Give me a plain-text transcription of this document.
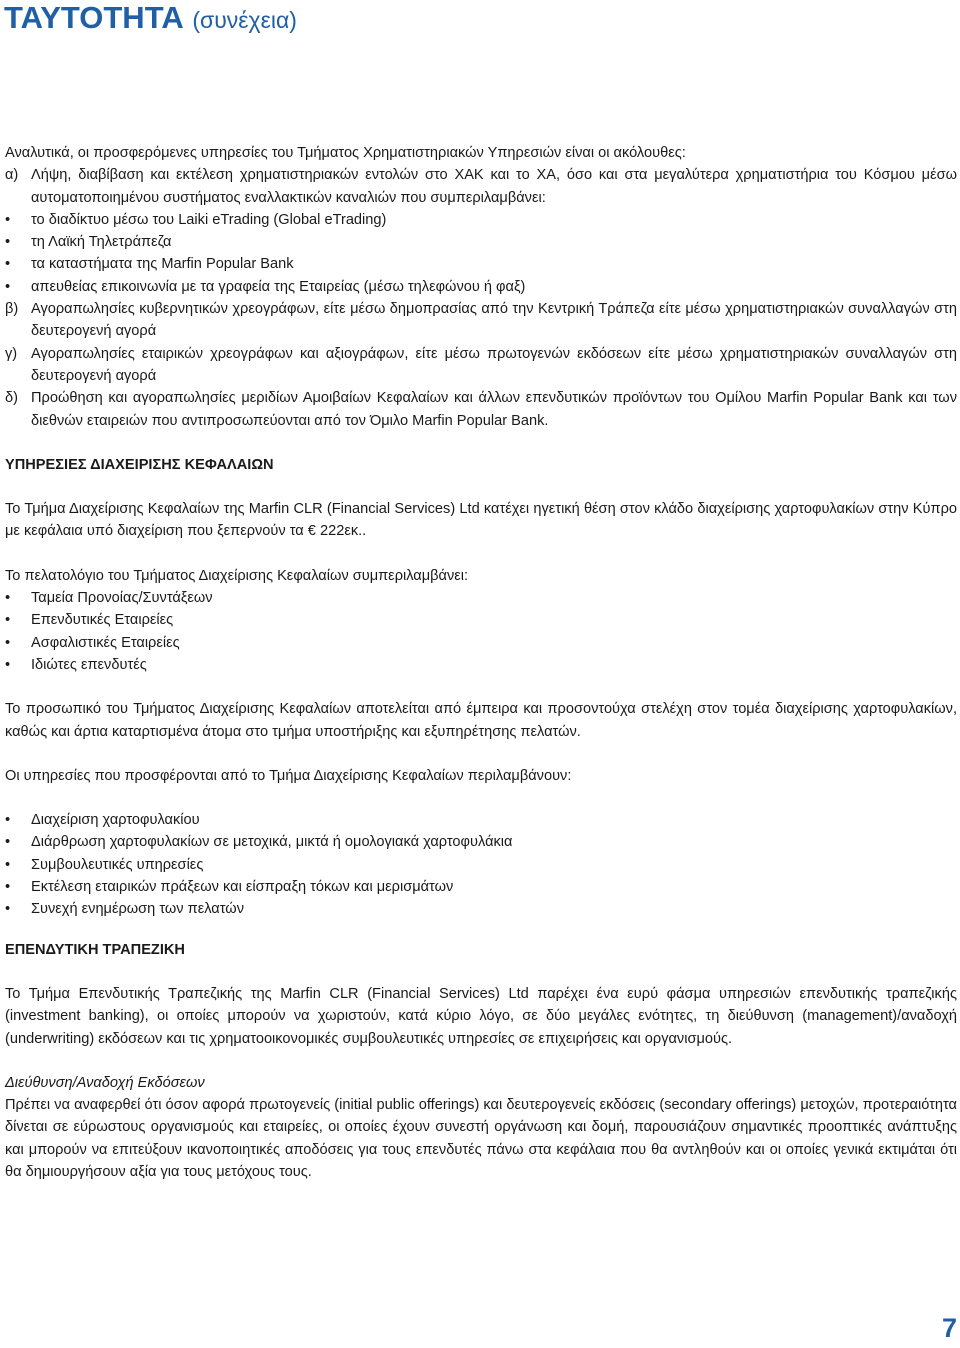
ΤΑΥΤΟΤΗΤΑ (συνέχεια)

Αναλυτικά, οι προσφερόμενες υπηρεσίες του Τμήματος Χρηματιστηριακών Υπηρεσιών είναι οι ακόλουθες:

α) Λήψη, διαβίβαση και εκτέλεση χρηματιστηριακών εντολών στο ΧΑΚ και το ΧΑ, όσο και στα μεγαλύτερα χρηματιστήρια του Κόσμου μέσω αυτοματοποιημένου συστήματος εναλλακτικών καναλιών που συμπεριλαμβάνει:
•	το διαδίκτυο μέσω του Laiki eTrading (Global eTrading)
•	τη Λαϊκή Τηλετράπεζα
•	τα καταστήματα της Marfin Popular Bank
•	απευθείας επικοινωνία με τα γραφεία της Εταιρείας (μέσω τηλεφώνου ή φαξ)
β) Αγοραπωλησίες κυβερνητικών χρεογράφων, είτε μέσω δημοπρασίας από την Κεντρική Τράπεζα είτε μέσω χρηματιστηριακών συναλλαγών στη δευτερογενή αγορά
γ) Αγοραπωλησίες εταιρικών χρεογράφων και αξιογράφων, είτε μέσω πρωτογενών εκδόσεων είτε μέσω χρηματιστηριακών συναλλαγών στη δευτερογενή αγορά
δ) Προώθηση και αγοραπωλησίες μεριδίων Αμοιβαίων Κεφαλαίων και άλλων επενδυτικών προϊόντων του Ομίλου Marfin Popular Bank και των διεθνών εταιρειών που αντιπροσωπεύονται από τον Όμιλο Marfin Popular Bank.

ΥΠΗΡΕΣΙΕΣ ΔΙΑΧΕΙΡΙΣΗΣ ΚΕΦΑΛΑΙΩΝ

Το Τμήμα Διαχείρισης Κεφαλαίων της Marfin CLR (Financial Services) Ltd κατέχει ηγετική θέση στον κλάδο διαχείρισης χαρτοφυλακίων στην Κύπρο με κεφάλαια υπό διαχείριση που ξεπερνούν τα € 222εκ..

Το πελατολόγιο του Τμήματος Διαχείρισης Κεφαλαίων συμπεριλαμβάνει:

•	Ταμεία Προνοίας/Συντάξεων
•	Επενδυτικές Εταιρείες
•	Ασφαλιστικές Εταιρείες
•	Ιδιώτες επενδυτές

Το προσωπικό του Τμήματος Διαχείρισης Κεφαλαίων αποτελείται από έμπειρα και προσοντούχα στελέχη στον τομέα διαχείρισης χαρτοφυλακίων, καθώς και άρτια καταρτισμένα άτομα στο τμήμα υποστήριξης και εξυπηρέτησης πελατών.

Οι υπηρεσίες που προσφέρονται από το Τμήμα Διαχείρισης Κεφαλαίων περιλαμβάνουν:

•	Διαχείριση χαρτοφυλακίου
•	Διάρθρωση χαρτοφυλακίων σε μετοχικά, μικτά ή ομολογιακά χαρτοφυλάκια
•	Συμβουλευτικές υπηρεσίες
•	Εκτέλεση εταιρικών πράξεων και είσπραξη τόκων και μερισμάτων
•	Συνεχή ενημέρωση των πελατών

ΕΠΕΝΔΥΤΙΚΗ ΤΡΑΠΕΖΙΚΗ

Το Τμήμα Επενδυτικής Τραπεζικής της Marfin CLR (Financial Services) Ltd παρέχει ένα ευρύ φάσμα υπηρεσιών επενδυτικής τραπεζικής (investment banking), οι οποίες μπορούν να χωριστούν, κατά κύριο λόγο, σε δύο μεγάλες ενότητες, τη διεύθυνση (management)/αναδοχή (underwriting) εκδόσεων και τις χρηματοοικονομικές συμβουλευτικές υπηρεσίες σε επιχειρήσεις και οργανισμούς.

Διεύθυνση/Αναδοχή Εκδόσεων

Πρέπει να αναφερθεί ότι όσον αφορά πρωτογενείς (initial public offerings) και δευτερογενείς εκδόσεις (secondary offerings) μετοχών, προτεραιότητα δίνεται σε εύρωστους οργανισμούς και εταιρείες, οι οποίες έχουν συνεστή οργάνωση και δομή, παρουσιάζουν σημαντικές προοπτικές ανάπτυξης και μπορούν να επιτεύξουν ικανοποιητικές αποδόσεις για τους επενδυτές πάνω στα κεφάλαια που θα αντληθούν και οι οποίες γενικά εκτιμάται ότι θα δημιουργήσουν αξία για τους μετόχους τους.

7
